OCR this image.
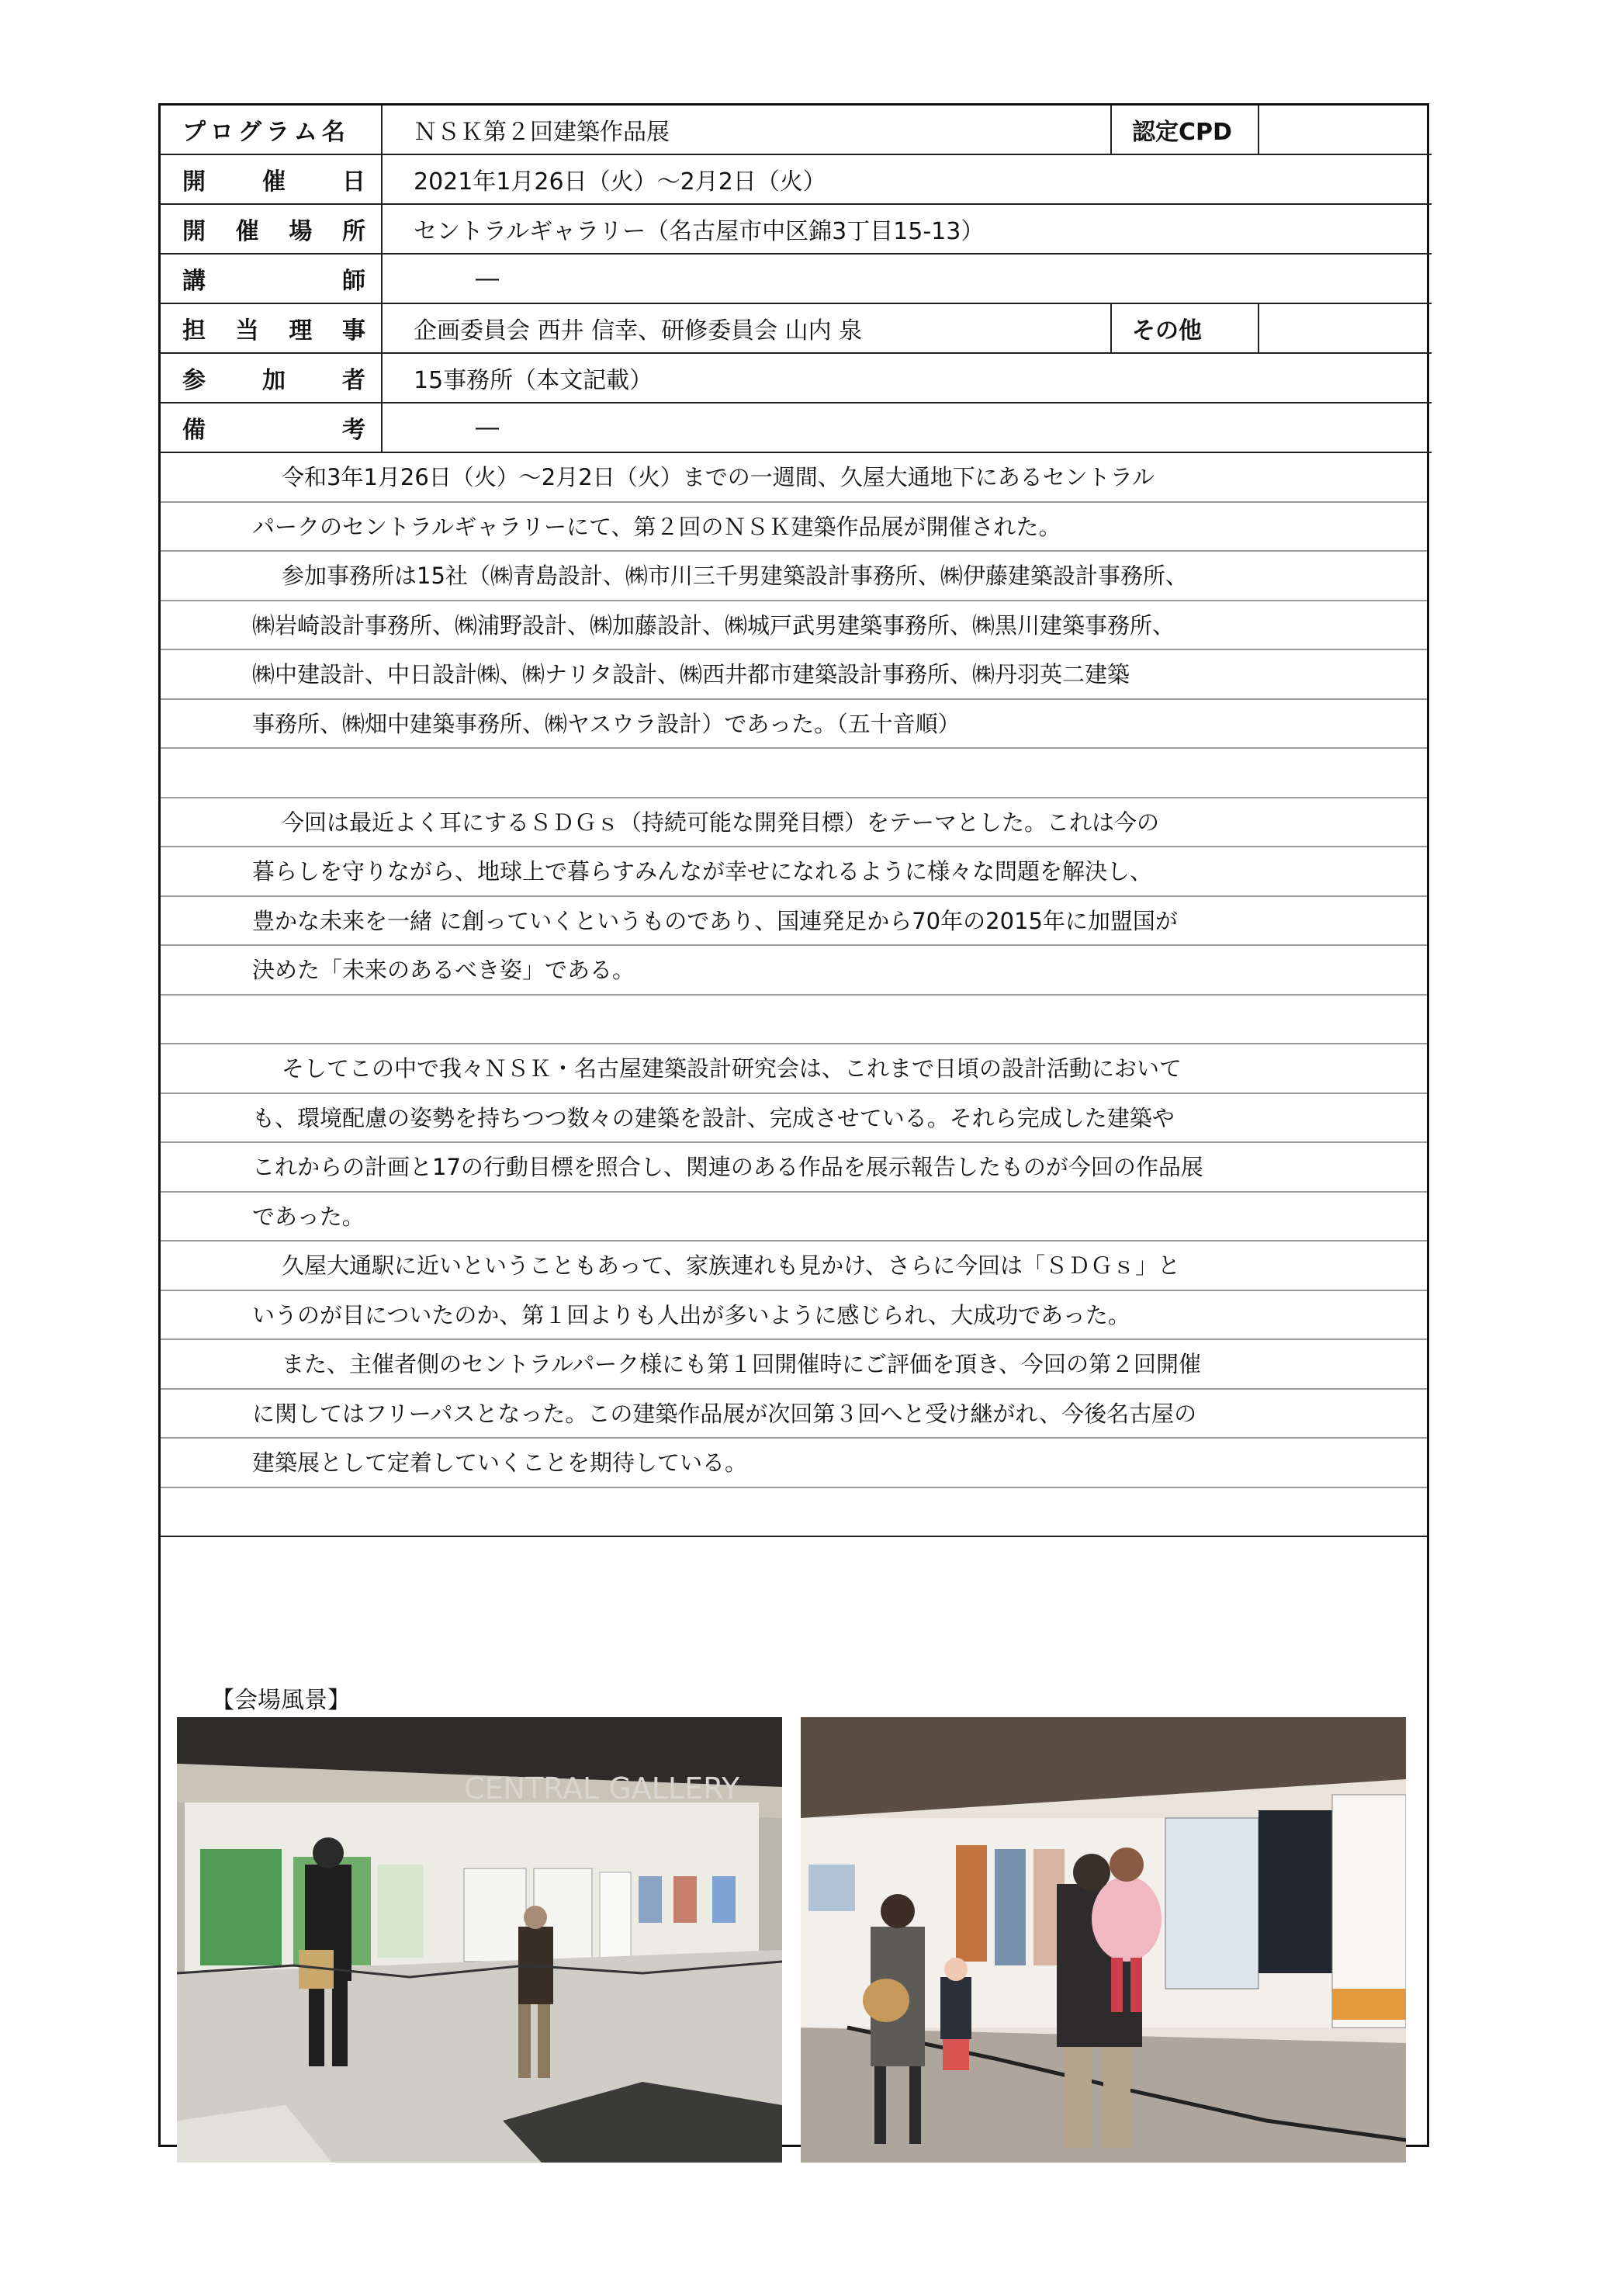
プログラム名	ＮＳＫ第２回建築作品展	認定CPD	

開 催 日	2021年1月26日（火）～2月2日（火）		

開 催 場 所	セントラルギャラリー（名古屋市中区錦3丁目15-13）		

講 師	―		

担 当 理 事	企画委員会 西井 信幸、研修委員会 山内 泉	その他	

参 加 者	15事務所（本文記載）		

備 考	―		
令和3年1月26日（火）～2月2日（火）までの一週間、久屋大通地下にあるセントラル
パークのセントラルギャラリーにて、第２回のＮＳＫ建築作品展が開催された。
参加事務所は15社（㈱青島設計、㈱市川三千男建築設計事務所、㈱伊藤建築設計事務所、
㈱岩崎設計事務所、㈱浦野設計、㈱加藤設計、㈱城戸武男建築事務所、㈱黒川建築事務所、
㈱中建設計、中日設計㈱、㈱ナリタ設計、㈱西井都市建築設計事務所、㈱丹羽英二建築
事務所、㈱畑中建築事務所、㈱ヤスウラ設計）であった。（五十音順）
今回は最近よく耳にするＳＤＧｓ（持続可能な開発目標）をテーマとした。これは今の
暮らしを守りながら、地球上で暮らすみんなが幸せになれるように様々な問題を解決し、
豊かな未来を一緒 に創っていくというものであり、国連発足から70年の2015年に加盟国が
決めた「未来のあるべき姿」である。
そしてこの中で我々ＮＳＫ・名古屋建築設計研究会は、これまで日頃の設計活動において
も、環境配慮の姿勢を持ちつつ数々の建築を設計、完成させている。それら完成した建築や
これからの計画と17の行動目標を照合し、関連のある作品を展示報告したものが今回の作品展
であった。
久屋大通駅に近いということもあって、家族連れも見かけ、さらに今回は「ＳＤＧｓ」と
いうのが目についたのか、第１回よりも人出が多いように感じられ、大成功であった。
また、主催者側のセントラルパーク様にも第１回開催時にご評価を頂き、今回の第２回開催
に関してはフリーパスとなった。この建築作品展が次回第３回へと受け継がれ、今後名古屋の
建築展として定着していくことを期待している。
【会場風景】
CENTRAL GALLERY
